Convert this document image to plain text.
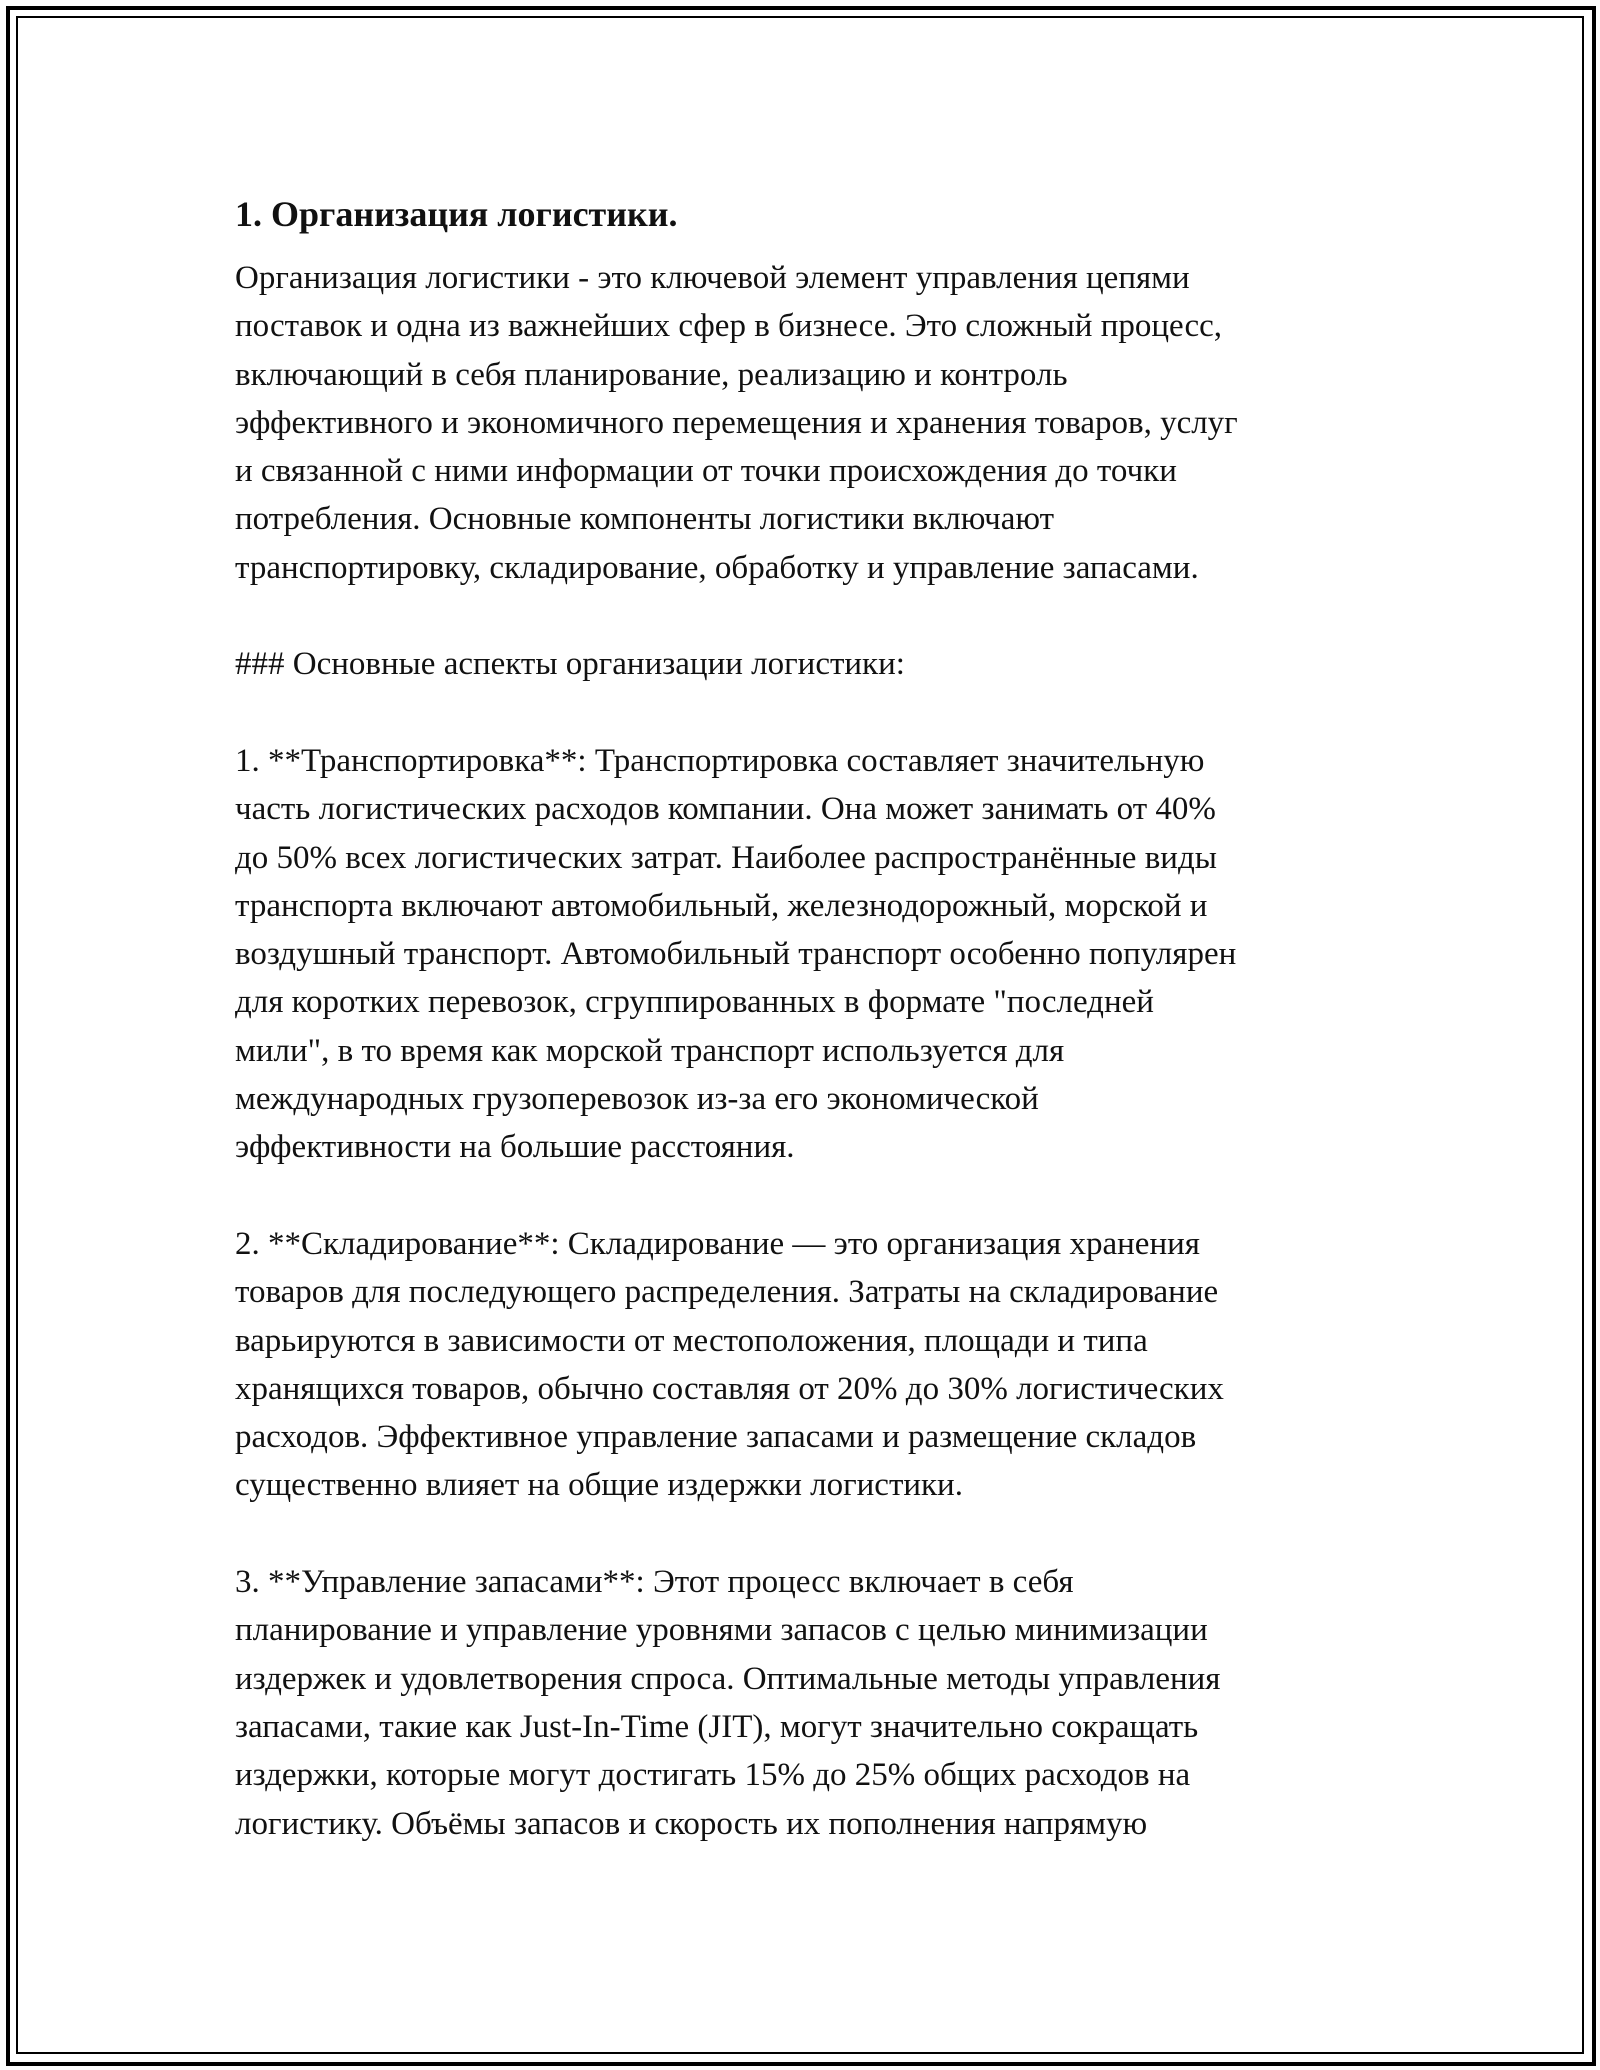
1. Организация логистики.

Организация логистики - это ключевой элемент управления цепями
поставок и одна из важнейших сфер в бизнесе. Это сложный процесс,
включающий в себя планирование, реализацию и контроль
эффективного и экономичного перемещения и хранения товаров, услуг
и связанной с ними информации от точки происхождения до точки
потребления. Основные компоненты логистики включают
транспортировку, складирование, обработку и управление запасами.

### Основные аспекты организации логистики:

1. **Транспортировка**: Транспортировка составляет значительную
часть логистических расходов компании. Она может занимать от 40%
до 50% всех логистических затрат. Наиболее распространённые виды
транспорта включают автомобильный, железнодорожный, морской и
воздушный транспорт. Автомобильный транспорт особенно популярен
для коротких перевозок, сгруппированных в формате "последней
мили", в то время как морской транспорт используется для
международных грузоперевозок из-за его экономической
эффективности на большие расстояния.

2. **Складирование**: Складирование — это организация хранения
товаров для последующего распределения. Затраты на складирование
варьируются в зависимости от местоположения, площади и типа
хранящихся товаров, обычно составляя от 20% до 30% логистических
расходов. Эффективное управление запасами и размещение складов
существенно влияет на общие издержки логистики.

3. **Управление запасами**: Этот процесс включает в себя
планирование и управление уровнями запасов с целью минимизации
издержек и удовлетворения спроса. Оптимальные методы управления
запасами, такие как Just-In-Time (JIT), могут значительно сокращать
издержки, которые могут достигать 15% до 25% общих расходов на
логистику. Объёмы запасов и скорость их пополнения напрямую
